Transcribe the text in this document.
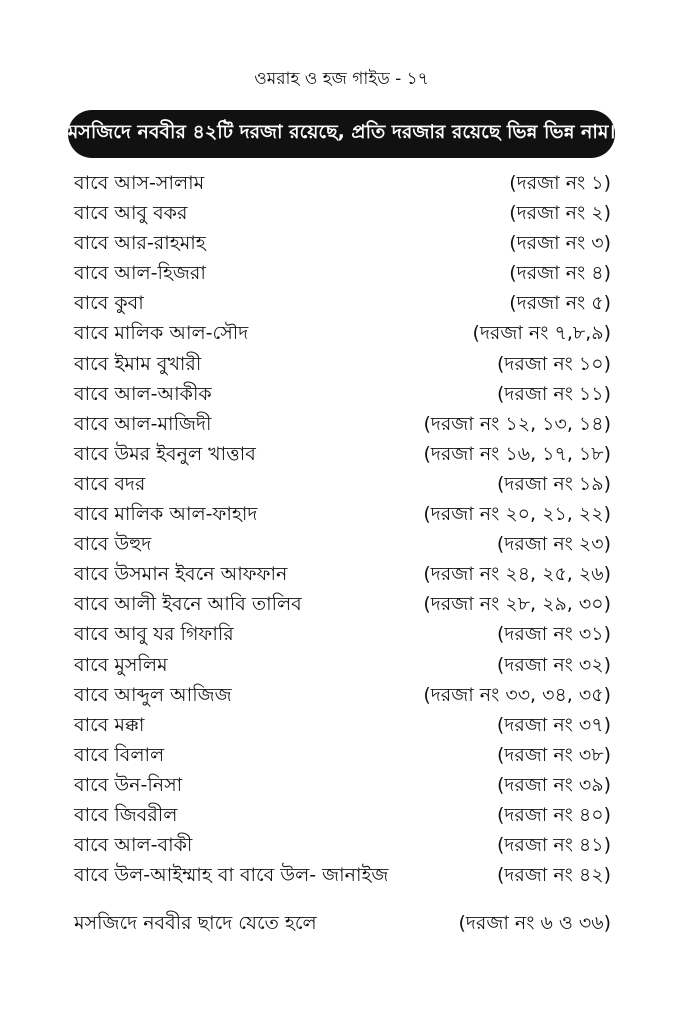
ওমরাহ ও হজ গাইড - ১৭
মসজিদে নববীর ৪২টি দরজা রয়েছে, প্রতি দরজার রয়েছে ভিন্ন ভিন্ন নাম।
বাবে আস-সালাম	(দরজা নং ১)
বাবে আবু বকর	(দরজা নং ২)
বাবে আর-রাহমাহ	(দরজা নং ৩)
বাবে আল-হিজরা	(দরজা নং ৪)
বাবে কুবা	(দরজা নং ৫)
বাবে মালিক আল-সৌদ	(দরজা নং ৭,৮,৯)
বাবে ইমাম বুখারী	(দরজা নং ১০)
বাবে আল-আকীক	(দরজা নং ১১)
বাবে আল-মাজিদী	(দরজা নং ১২, ১৩, ১৪)
বাবে উমর ইবনুল খাত্তাব	(দরজা নং ১৬, ১৭, ১৮)
বাবে বদর	(দরজা নং ১৯)
বাবে মালিক আল-ফাহাদ	(দরজা নং ২০, ২১, ২২)
বাবে উহুদ	(দরজা নং ২৩)
বাবে উসমান ইবনে আফফান	(দরজা নং ২৪, ২৫, ২৬)
বাবে আলী ইবনে আবি তালিব	(দরজা নং ২৮, ২৯, ৩০)
বাবে আবু যর গিফারি	(দরজা নং ৩১)
বাবে মুসলিম	(দরজা নং ৩২)
বাবে আব্দুল আজিজ	(দরজা নং ৩৩, ৩৪, ৩৫)
বাবে মক্কা	(দরজা নং ৩৭)
বাবে বিলাল	(দরজা নং ৩৮)
বাবে উন-নিসা	(দরজা নং ৩৯)
বাবে জিবরীল	(দরজা নং ৪০)
বাবে আল-বাকী	(দরজা নং ৪১)
বাবে উল-আইম্মাহ বা বাবে উল- জানাইজ	(দরজা নং ৪২)
মসজিদে নববীর ছাদে যেতে হলে	(দরজা নং ৬ ও ৩৬)
